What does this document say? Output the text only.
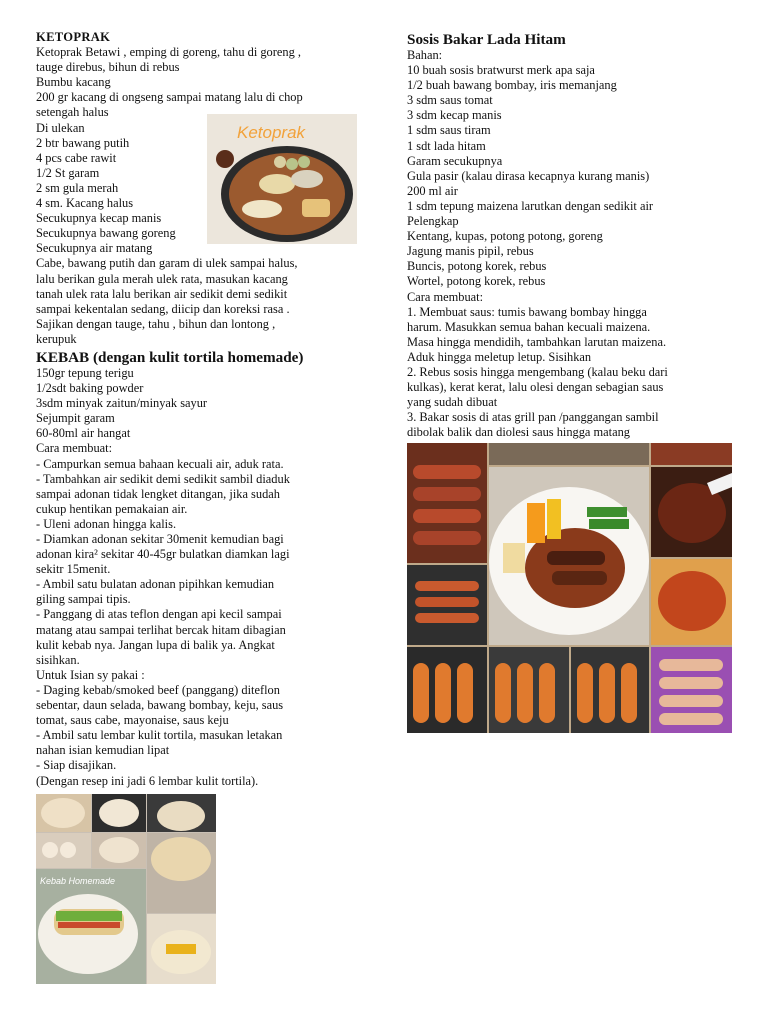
KETOPRAK
Ketoprak Betawi , emping di goreng, tahu di goreng ,
tauge direbus, bihun di rebus
Bumbu kacang
200 gr kacang di ongseng sampai matang lalu di chop
setengah halus
Di ulekan
2 btr bawang putih
4 pcs cabe rawit
1/2 St garam
2 sm gula merah
4 sm. Kacang halus
Secukupnya kecap manis
Secukupnya bawang goreng
Secukupnya air matang
Cabe, bawang putih dan garam di ulek sampai halus,
lalu berikan gula merah ulek rata, masukan kacang
tanah ulek rata lalu berikan air sedikit demi sedikit
sampai kekentalan sedang, diicip dan koreksi rasa .
Sajikan dengan tauge, tahu , bihun dan lontong ,
kerupuk
KEBAB (dengan kulit tortila homemade)
150gr tepung terigu
1/2sdt baking powder
3sdm minyak zaitun/minyak sayur
Sejumpit garam
60-80ml air hangat
Cara membuat:
- Campurkan semua bahaan kecuali air, aduk rata.
- Tambahkan air sedikit demi sedikit sambil diaduk
sampai adonan tidak lengket ditangan, jika sudah
cukup hentikan pemakaian air.
- Uleni adonan hingga kalis.
- Diamkan adonan sekitar 30menit kemudian bagi
adonan kira² sekitar 40-45gr bulatkan diamkan lagi
sekitr 15menit.
- Ambil satu bulatan adonan pipihkan kemudian
giling sampai tipis.
- Panggang di atas teflon dengan api kecil sampai
matang atau sampai terlihat bercak hitam dibagian
kulit kebab nya. Jangan lupa di balik ya. Angkat
sisihkan.
Untuk Isian sy pakai :
- Daging kebab/smoked beef (panggang) diteflon
sebentar, daun selada, bawang bombay, keju, saus
tomat, saus cabe, mayonaise, saus keju
- Ambil satu lembar kulit tortila, masukan letakan
nahan isian kemudian lipat
- Siap disajikan.
(Dengan resep ini jadi 6 lembar kulit tortila).
Sosis Bakar Lada Hitam
Bahan:
10 buah sosis bratwurst merk apa saja
1/2 buah bawang bombay, iris memanjang
3 sdm saus tomat
3 sdm kecap manis
1 sdm saus tiram
1 sdt lada hitam
Garam secukupnya
Gula pasir (kalau dirasa kecapnya kurang manis)
200 ml air
1 sdm tepung maizena larutkan dengan sedikit air
Pelengkap
Kentang, kupas, potong potong, goreng
Jagung manis pipil, rebus
Buncis, potong korek, rebus
Wortel, potong korek, rebus
Cara membuat:
1. Membuat saus: tumis bawang bombay hingga
harum. Masukkan semua bahan kecuali maizena.
Masa hingga mendidih, tambahkan larutan maizena.
Aduk hingga meletup letup. Sisihkan
2. Rebus sosis hingga mengembang (kalau beku dari
kulkas), kerat kerat, lalu olesi dengan sebagian saus
yang sudah dibuat
3. Bakar sosis di atas grill pan /panggangan sambil
dibolak balik dan diolesi saus hingga matang
Ketoprak
Kebab Homemade
